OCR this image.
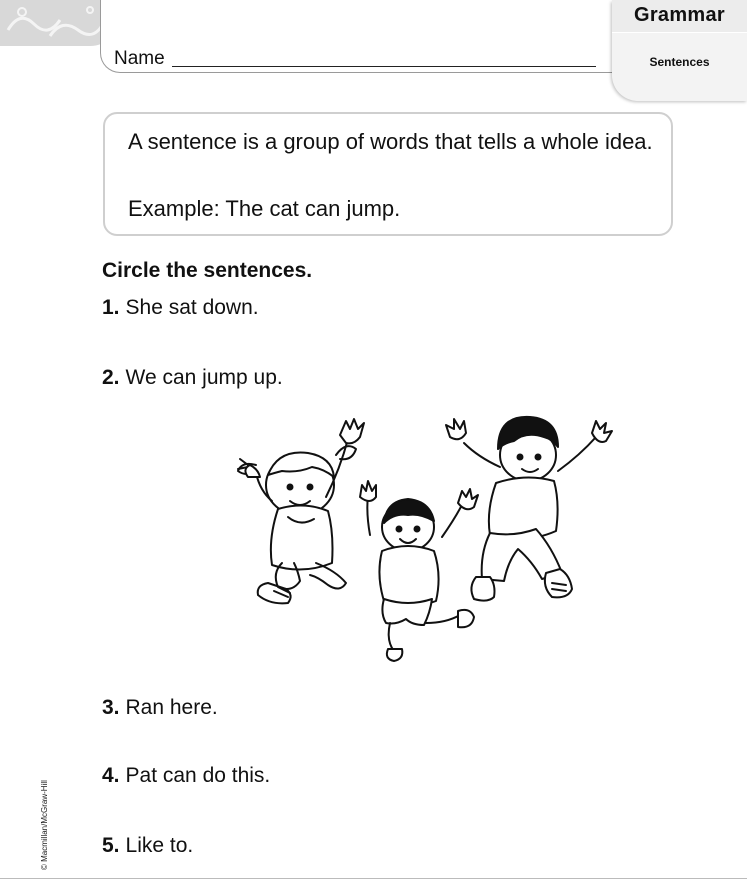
Name
Grammar
Sentences
A sentence is a group of words that tells a whole idea.
Example: The cat can jump.
Circle the sentences.
1. She sat down.
2. We can jump up.
3. Ran here.
4. Pat can do this.
5. Like to.
© Macmillan/McGraw-Hill
